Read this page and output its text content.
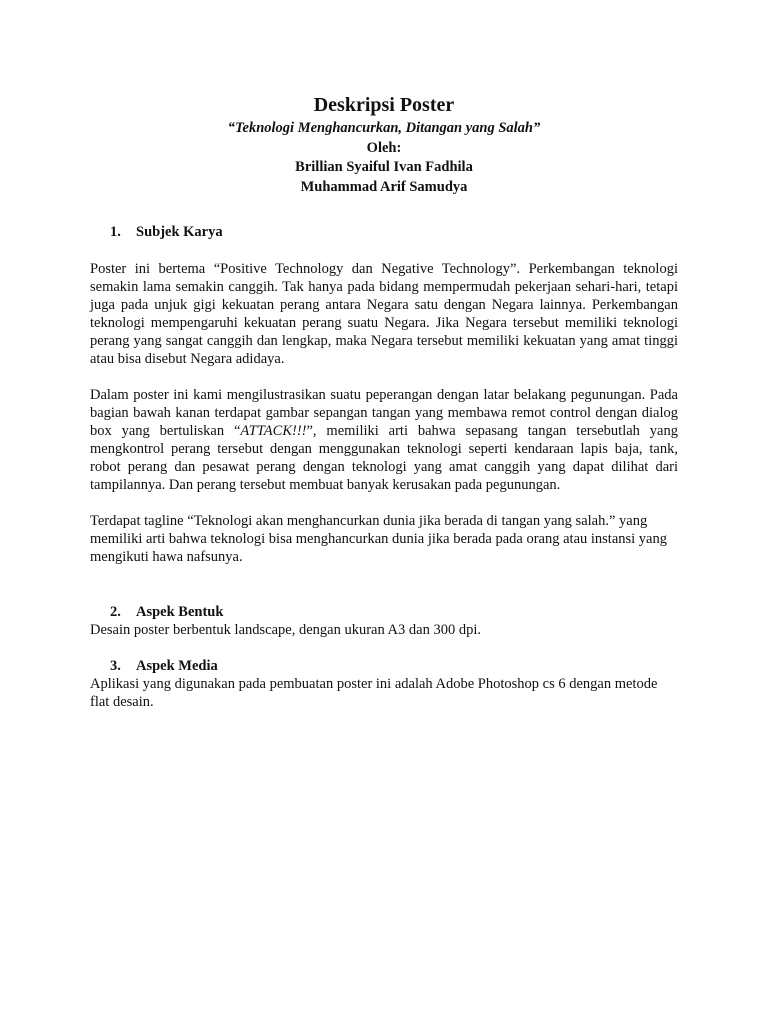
Deskripsi Poster
“Teknologi Menghancurkan, Ditangan yang Salah”
Oleh:
Brillian Syaiful Ivan Fadhila
Muhammad Arif Samudya
1. Subjek Karya

Poster ini bertema “Positive Technology dan Negative Technology”. Perkembangan teknologi semakin lama semakin canggih. Tak hanya pada bidang mempermudah pekerjaan sehari-hari, tetapi juga pada unjuk gigi kekuatan perang antara Negara satu dengan Negara lainnya. Perkembangan teknologi mempengaruhi kekuatan perang suatu Negara. Jika Negara tersebut memiliki teknologi perang yang sangat canggih dan lengkap, maka Negara tersebut memiliki kekuatan yang amat tinggi atau bisa disebut Negara adidaya.

Dalam poster ini kami mengilustrasikan suatu peperangan dengan latar belakang pegunungan. Pada bagian bawah kanan terdapat gambar sepangan tangan yang membawa remot control dengan dialog box yang bertuliskan “ATTACK!!!”, memiliki arti bahwa sepasang tangan tersebutlah yang mengkontrol perang tersebut dengan menggunakan teknologi seperti kendaraan lapis baja, tank, robot perang dan pesawat perang dengan teknologi yang amat canggih yang dapat dilihat dari tampilannya. Dan perang tersebut membuat banyak kerusakan pada pegunungan.

Terdapat tagline “Teknologi akan menghancurkan dunia jika berada di tangan yang salah.” yang memiliki arti bahwa teknologi bisa menghancurkan dunia jika berada pada orang atau instansi yang mengikuti hawa nafsunya.

2. Aspek Bentuk

Desain poster berbentuk landscape, dengan ukuran A3 dan 300 dpi.

3. Aspek Media

Aplikasi yang digunakan pada pembuatan poster ini adalah Adobe Photoshop cs 6 dengan metode flat desain.
